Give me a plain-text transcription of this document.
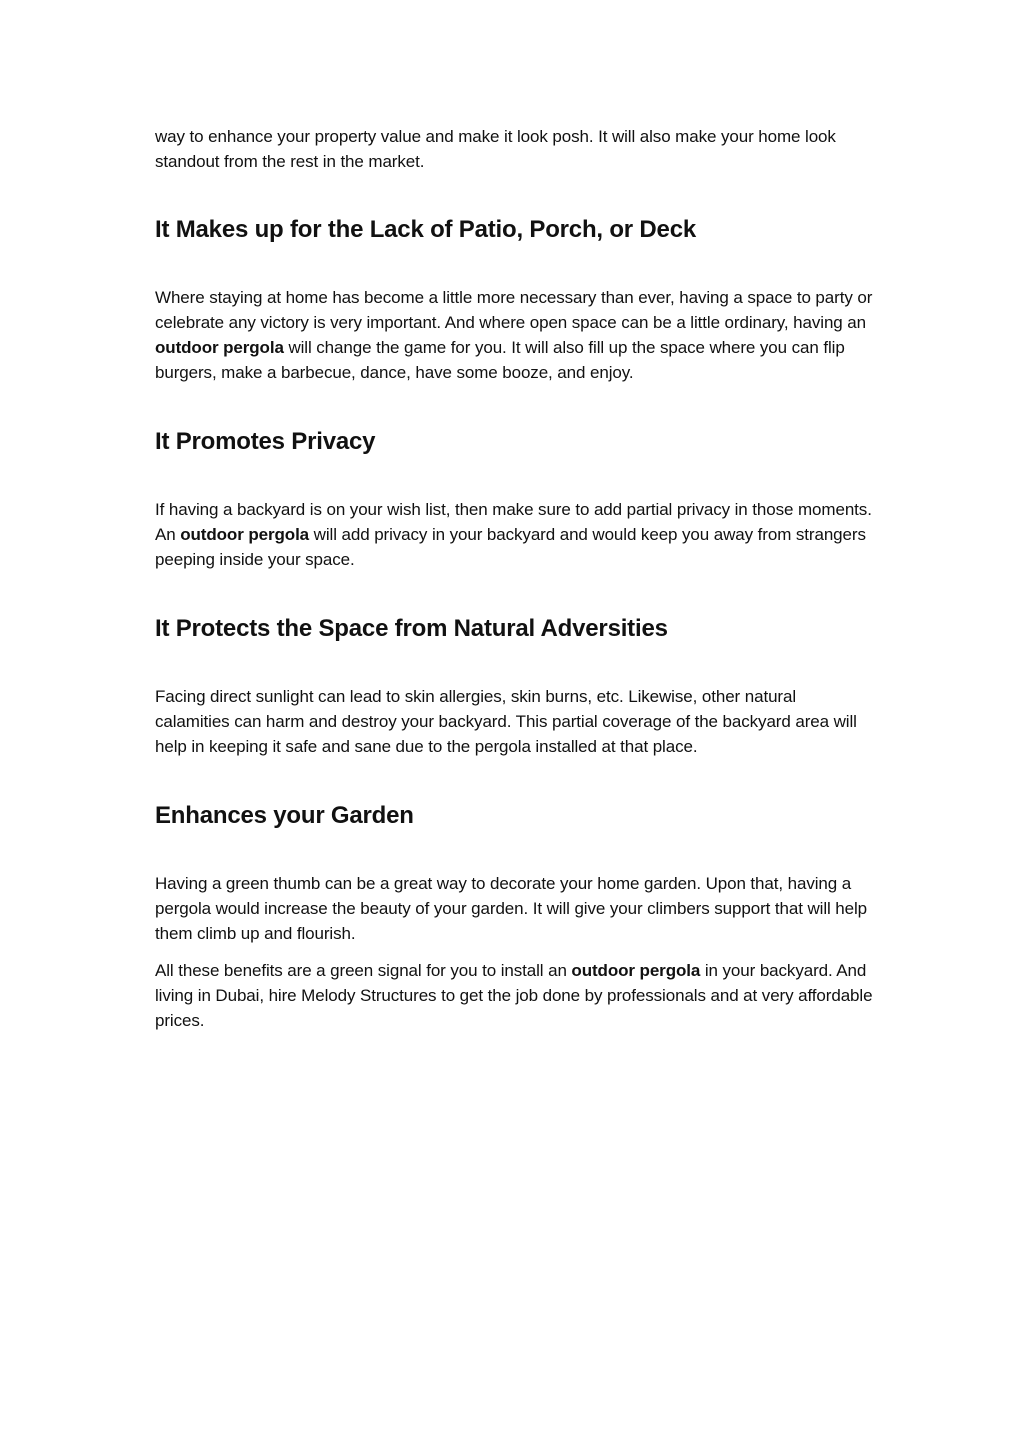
way to enhance your property value and make it look posh. It will also make your home look standout from the rest in the market.

It Makes up for the Lack of Patio, Porch, or Deck

Where staying at home has become a little more necessary than ever, having a space to party or celebrate any victory is very important. And where open space can be a little ordinary, having an outdoor pergola will change the game for you. It will also fill up the space where you can flip burgers, make a barbecue, dance, have some booze, and enjoy.

It Promotes Privacy

If having a backyard is on your wish list, then make sure to add partial privacy in those moments. An outdoor pergola will add privacy in your backyard and would keep you away from strangers peeping inside your space.

It Protects the Space from Natural Adversities

Facing direct sunlight can lead to skin allergies, skin burns, etc. Likewise, other natural calamities can harm and destroy your backyard. This partial coverage of the backyard area will help in keeping it safe and sane due to the pergola installed at that place.

Enhances your Garden

Having a green thumb can be a great way to decorate your home garden. Upon that, having a pergola would increase the beauty of your garden. It will give your climbers support that will help them climb up and flourish.

All these benefits are a green signal for you to install an outdoor pergola in your backyard. And living in Dubai, hire Melody Structures to get the job done by professionals and at very affordable prices.
